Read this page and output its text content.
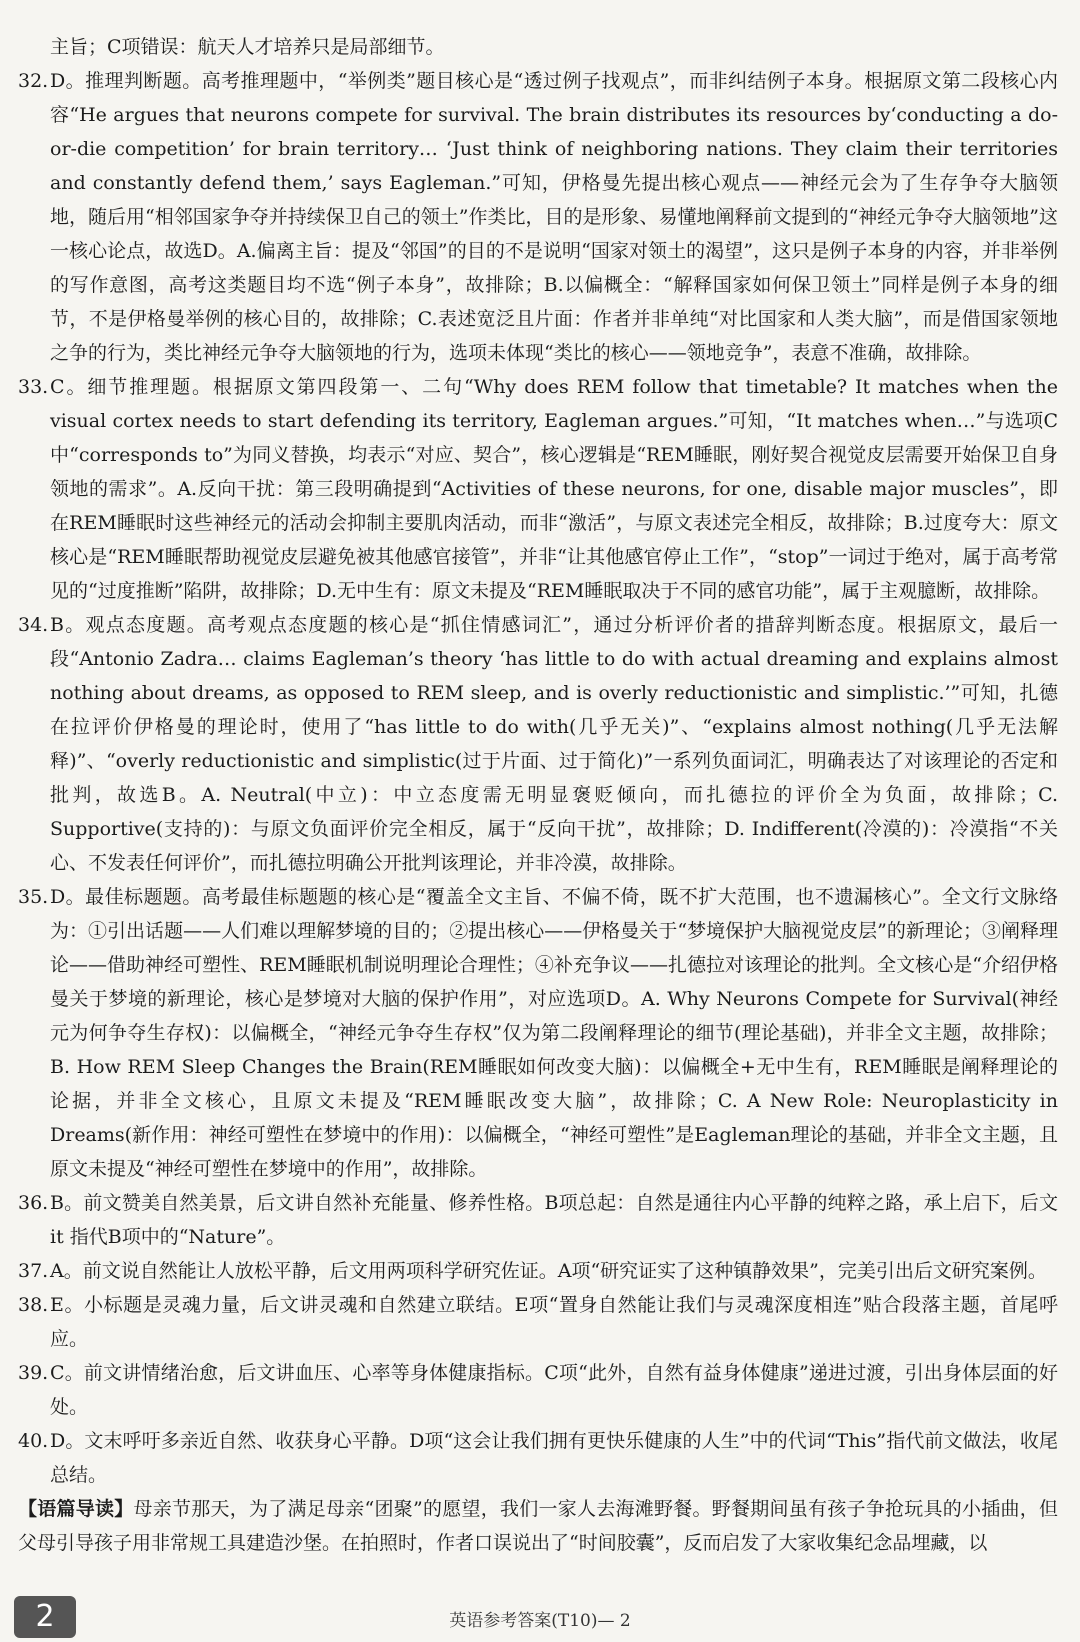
主旨；C项错误：航天人才培养只是局部细节。

32.D。推理判断题。高考推理题中，“举例类”题目核心是“透过例子找观点”，而非纠结例子本身。根据原文第二段核心内容“He argues that neurons compete for survival. The brain distributes its resources by‘conducting a do-or-die competition’ for brain territory… ‘Just think of neighboring nations. They claim their territories and constantly defend them,’ says Eagleman.”可知，伊格曼先提出核心观点——神经元会为了生存争夺大脑领地，随后用“相邻国家争夺并持续保卫自己的领土”作类比，目的是形象、易懂地阐释前文提到的“神经元争夺大脑领地”这一核心论点，故选D。A.偏离主旨：提及“邻国”的目的不是说明“国家对领土的渴望”，这只是例子本身的内容，并非举例的写作意图，高考这类题目均不选“例子本身”，故排除；B.以偏概全：“解释国家如何保卫领土”同样是例子本身的细节，不是伊格曼举例的核心目的，故排除；C.表述宽泛且片面：作者并非单纯“对比国家和人类大脑”，而是借国家领地之争的行为，类比神经元争夺大脑领地的行为，选项未体现“类比的核心——领地竞争”，表意不准确，故排除。

33.C。细节推理题。根据原文第四段第一、二句“Why does REM follow that timetable? It matches when the visual cortex needs to start defending its territory, Eagleman argues.”可知，“It matches when…”与选项C中“corresponds to”为同义替换，均表示“对应、契合”，核心逻辑是“REM睡眠，刚好契合视觉皮层需要开始保卫自身领地的需求”。A.反向干扰：第三段明确提到“Activities of these neurons, for one, disable major muscles”，即在REM睡眠时这些神经元的活动会抑制主要肌肉活动，而非“激活”，与原文表述完全相反，故排除；B.过度夸大：原文核心是“REM睡眠帮助视觉皮层避免被其他感官接管”，并非“让其他感官停止工作”，“stop”一词过于绝对，属于高考常见的“过度推断”陷阱，故排除；D.无中生有：原文未提及“REM睡眠取决于不同的感官功能”，属于主观臆断，故排除。

34.B。观点态度题。高考观点态度题的核心是“抓住情感词汇”，通过分析评价者的措辞判断态度。根据原文，最后一段“Antonio Zadra… claims Eagleman’s theory ‘has little to do with actual dreaming and explains almost nothing about dreams, as opposed to REM sleep, and is overly reductionistic and simplistic.’”可知，扎德在拉评价伊格曼的理论时，使用了“has little to do with(几乎无关)”、“explains almost nothing(几乎无法解释)”、“overly reductionistic and simplistic(过于片面、过于简化)”一系列负面词汇，明确表达了对该理论的否定和批判，故选B。A. Neutral(中立)：中立态度需无明显褒贬倾向，而扎德拉的评价全为负面，故排除；C. Supportive(支持的)：与原文负面评价完全相反，属于“反向干扰”，故排除；D. Indifferent(冷漠的)：冷漠指“不关心、不发表任何评价”，而扎德拉明确公开批判该理论，并非冷漠，故排除。

35.D。最佳标题题。高考最佳标题题的核心是“覆盖全文主旨、不偏不倚，既不扩大范围，也不遗漏核心”。全文行文脉络为：①引出话题——人们难以理解梦境的目的；②提出核心——伊格曼关于“梦境保护大脑视觉皮层”的新理论；③阐释理论——借助神经可塑性、REM睡眠机制说明理论合理性；④补充争议——扎德拉对该理论的批判。全文核心是“介绍伊格曼关于梦境的新理论，核心是梦境对大脑的保护作用”，对应选项D。A. Why Neurons Compete for Survival(神经元为何争夺生存权)：以偏概全，“神经元争夺生存权”仅为第二段阐释理论的细节(理论基础)，并非全文主题，故排除；B. How REM Sleep Changes the Brain(REM睡眠如何改变大脑)：以偏概全+无中生有，REM睡眠是阐释理论的论据，并非全文核心，且原文未提及“REM睡眠改变大脑”，故排除；C. A New Role: Neuroplasticity in Dreams(新作用：神经可塑性在梦境中的作用)：以偏概全，“神经可塑性”是Eagleman理论的基础，并非全文主题，且原文未提及“神经可塑性在梦境中的作用”，故排除。

36.B。前文赞美自然美景，后文讲自然补充能量、修养性格。B项总起：自然是通往内心平静的纯粹之路，承上启下，后文 it 指代B项中的“Nature”。

37.A。前文说自然能让人放松平静，后文用两项科学研究佐证。A项“研究证实了这种镇静效果”，完美引出后文研究案例。

38.E。小标题是灵魂力量，后文讲灵魂和自然建立联结。E项“置身自然能让我们与灵魂深度相连”贴合段落主题，首尾呼应。

39.C。前文讲情绪治愈，后文讲血压、心率等身体健康指标。C项“此外，自然有益身体健康”递进过渡，引出身体层面的好处。

40.D。文末呼吁多亲近自然、收获身心平静。D项“这会让我们拥有更快乐健康的人生”中的代词“This”指代前文做法，收尾总结。

【语篇导读】母亲节那天，为了满足母亲“团聚”的愿望，我们一家人去海滩野餐。野餐期间虽有孩子争抢玩具的小插曲，但父母引导孩子用非常规工具建造沙堡。在拍照时，作者口误说出了“时间胶囊”，反而启发了大家收集纪念品埋藏，以

2	英语参考答案(T10)— 2
